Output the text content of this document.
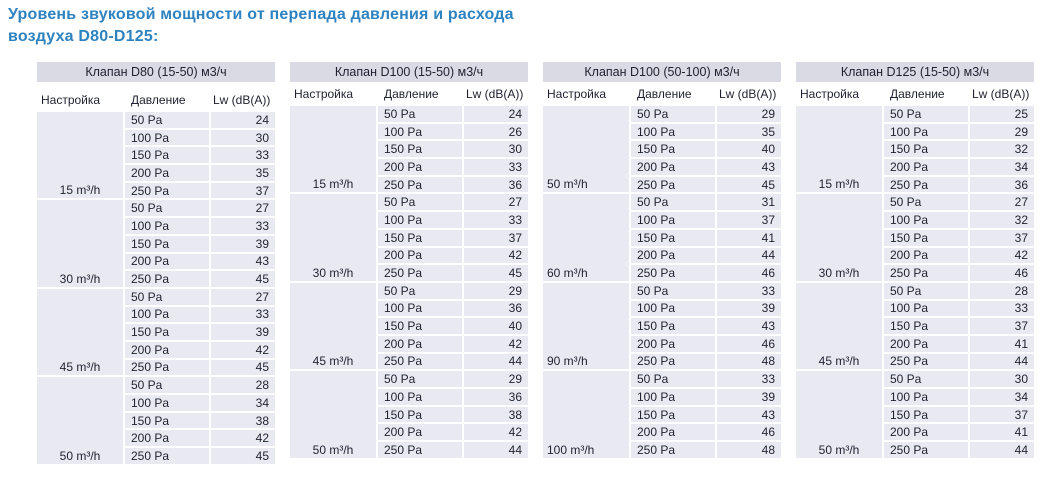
Уровень звуковой мощности от перепада давления и расхода
воздуха D80-D125:
Клапан D80 (15-50) м3/ч
Настройка	Давление	Lw (dB(A))
15 m³/h
50 Pa	24
100 Pa	30
150 Pa	33
200 Pa	35
250 Pa	37
30 m³/h
50 Pa	27
100 Pa	33
150 Pa	39
200 Pa	43
250 Pa	45
45 m³/h
50 Pa	27
100 Pa	33
150 Pa	39
200 Pa	42
250 Pa	45
50 m³/h
50 Pa	28
100 Pa	34
150 Pa	38
200 Pa	42
250 Pa	45
Клапан D100 (15-50) м3/ч
Настройка	Давление	Lw (dB(A))
15 m³/h
50 Pa	24
100 Pa	26
150 Pa	30
200 Pa	33
250 Pa	36
30 m³/h
50 Pa	27
100 Pa	33
150 Pa	37
200 Pa	42
250 Pa	45
45 m³/h
50 Pa	29
100 Pa	36
150 Pa	40
200 Pa	42
250 Pa	44
50 m³/h
50 Pa	29
100 Pa	36
150 Pa	38
200 Pa	42
250 Pa	44
Клапан D100 (50-100) м3/ч
Настройка	Давление	Lw (dB(A))
50 m³/h
50 Pa	29
100 Pa	35
150 Pa	40
200 Pa	43
250 Pa	45
60 m³/h
50 Pa	31
100 Pa	37
150 Pa	41
200 Pa	44
250 Pa	46
90 m³/h
50 Pa	33
100 Pa	39
150 Pa	43
200 Pa	46
250 Pa	48
100 m³/h
50 Pa	33
100 Pa	39
150 Pa	43
200 Pa	46
250 Pa	48
Клапан D125 (15-50) м3/ч
Настройка	Давление	Lw (dB(A))
15 m³/h
50 Pa	25
100 Pa	29
150 Pa	32
200 Pa	34
250 Pa	36
30 m³/h
50 Pa	27
100 Pa	32
150 Pa	37
200 Pa	42
250 Pa	46
45 m³/h
50 Pa	28
100 Pa	33
150 Pa	37
200 Pa	41
250 Pa	44
50 m³/h
50 Pa	30
100 Pa	34
150 Pa	37
200 Pa	41
250 Pa	44
